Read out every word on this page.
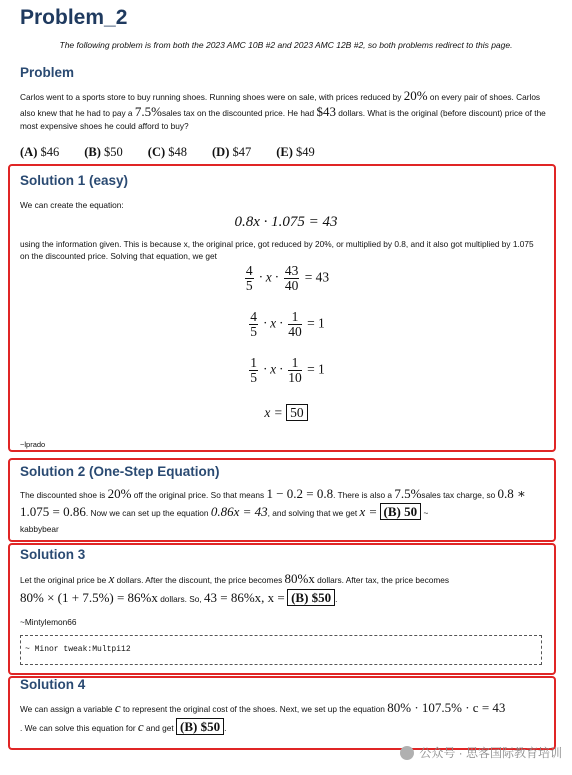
Problem_2
The following problem is from both the 2023 AMC 10B #2 and 2023 AMC 12B #2, so both problems redirect to this page.
Problem
Carlos went to a sports store to buy running shoes. Running shoes were on sale, with prices reduced by 20% on every pair of shoes. Carlos also knew that he had to pay a 7.5%sales tax on the discounted price. He had $43 dollars. What is the original (before discount) price of the most expensive shoes he could afford to buy?
(A) $46 (B) $50 (C) $48 (D) $47 (E) $49
Solution 1 (easy)
We can create the equation:
0.8x · 1.075 = 43
using the information given. This is because x, the original price, got reduced by 20%, or multiplied by 0.8, and it also got multiplied by 1.075 on the discounted price. Solving that equation, we get
$\frac{4}{5} \cdot x \cdot \frac{43}{40} = 43$
$\frac{4}{5} \cdot x \cdot \frac{1}{40} = 1$
$\frac{1}{5} \cdot x \cdot \frac{1}{10} = 1$
x = 50
~lprado
Solution 2 (One-Step Equation)
The discounted shoe is 20% off the original price. So that means 1 − 0.2 = 0.8. There is also a 7.5%sales tax charge, so 0.8 ∗ 1.075 = 0.86. Now we can set up the equation 0.86x = 43, and solving that we get x = (B) 50 ~
kabbybear
Solution 3
Let the original price be x dollars. After the discount, the price becomes 80%x dollars. After tax, the price becomes
80% × (1 + 7.5%) = 86%x dollars. So, 43 = 86%x, x = (B) $50 .
~Mintylemon66
~ Minor tweak:Multpi12
Solution 4
We can assign a variable c to represent the original cost of the shoes. Next, we set up the equation 80% · 107.5% · c = 43
. We can solve this equation for c and get (B) $50 .
公众号 · 思客国际教育培训
